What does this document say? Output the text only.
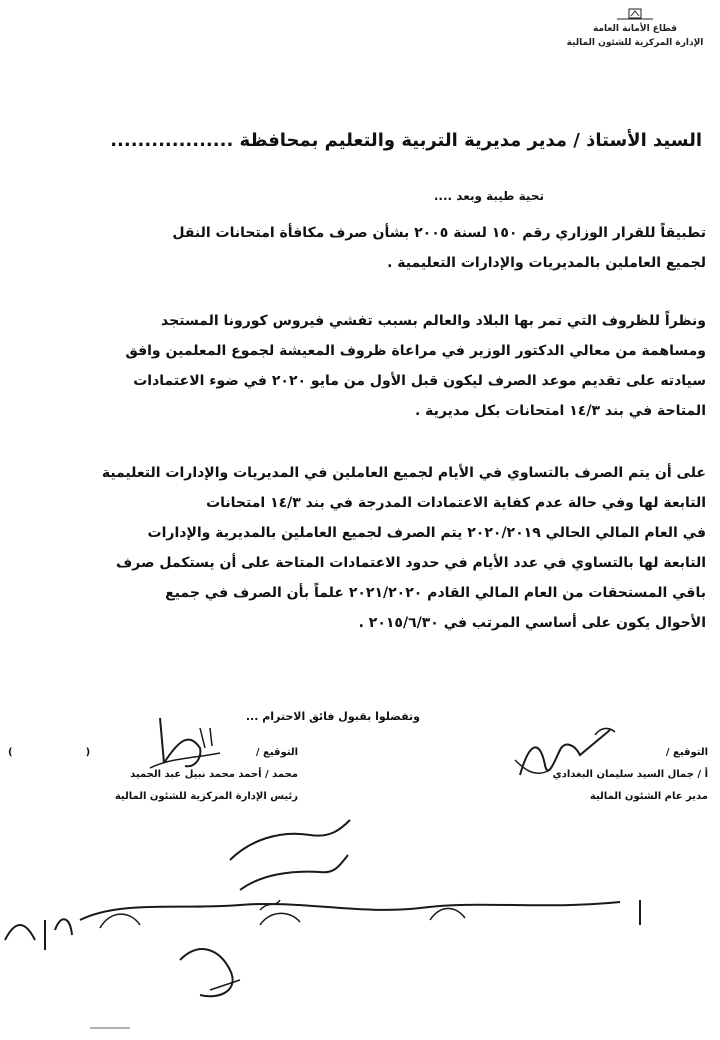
قطاع الأمانة العامة
الإدارة المركزية للشئون المالية
السيد الأستاذ / مدير مديرية التربية والتعليم بمحافظة ..................
تحية طيبة وبعد ....
تطبيقاً للقرار الوزاري رقم ١٥٠ لسنة ٢٠٠٥ بشأن صرف مكافأة امتحانات النقل
لجميع العاملين بالمديريات والإدارات التعليمية .
ونظراً للظروف التي تمر بها البلاد والعالم بسبب تفشي فيروس كورونا المستجد
ومساهمة من معالي الدكتور الوزير في مراعاة ظروف المعيشة لجموع المعلمين وافق
سيادته على تقديم موعد الصرف ليكون قبل الأول من مايو ٢٠٢٠ في ضوء الاعتمادات
المتاحة في بند ١٤/٣ امتحانات بكل مديرية .
على أن يتم الصرف بالتساوي في الأيام لجميع العاملين في المديريات والإدارات التعليمية
التابعة لها وفي حالة عدم كفاية الاعتمادات المدرجة في بند ١٤/٣ امتحانات
في العام المالي الحالي ٢٠٢٠/٢٠١٩ يتم الصرف لجميع العاملين بالمديرية والإدارات
التابعة لها بالتساوي في عدد الأيام في حدود الاعتمادات المتاحة على أن يستكمل صرف
باقي المستحقات من العام المالي القادم ٢٠٢١/٢٠٢٠ علماً بأن الصرف في جميع
الأحوال يكون على أساسي المرتب في ٢٠١٥/٦/٣٠ .
وتفضلوا بقبول فائق الاحترام ...
التوقيع /
أ / جمال السيد سليمان البغدادي
مدير عام الشئون المالية
التوقيع /
(                     )
محمد / أحمد محمد نبيل عبد الحميد
رئيس الإدارة المركزية للشئون المالية
